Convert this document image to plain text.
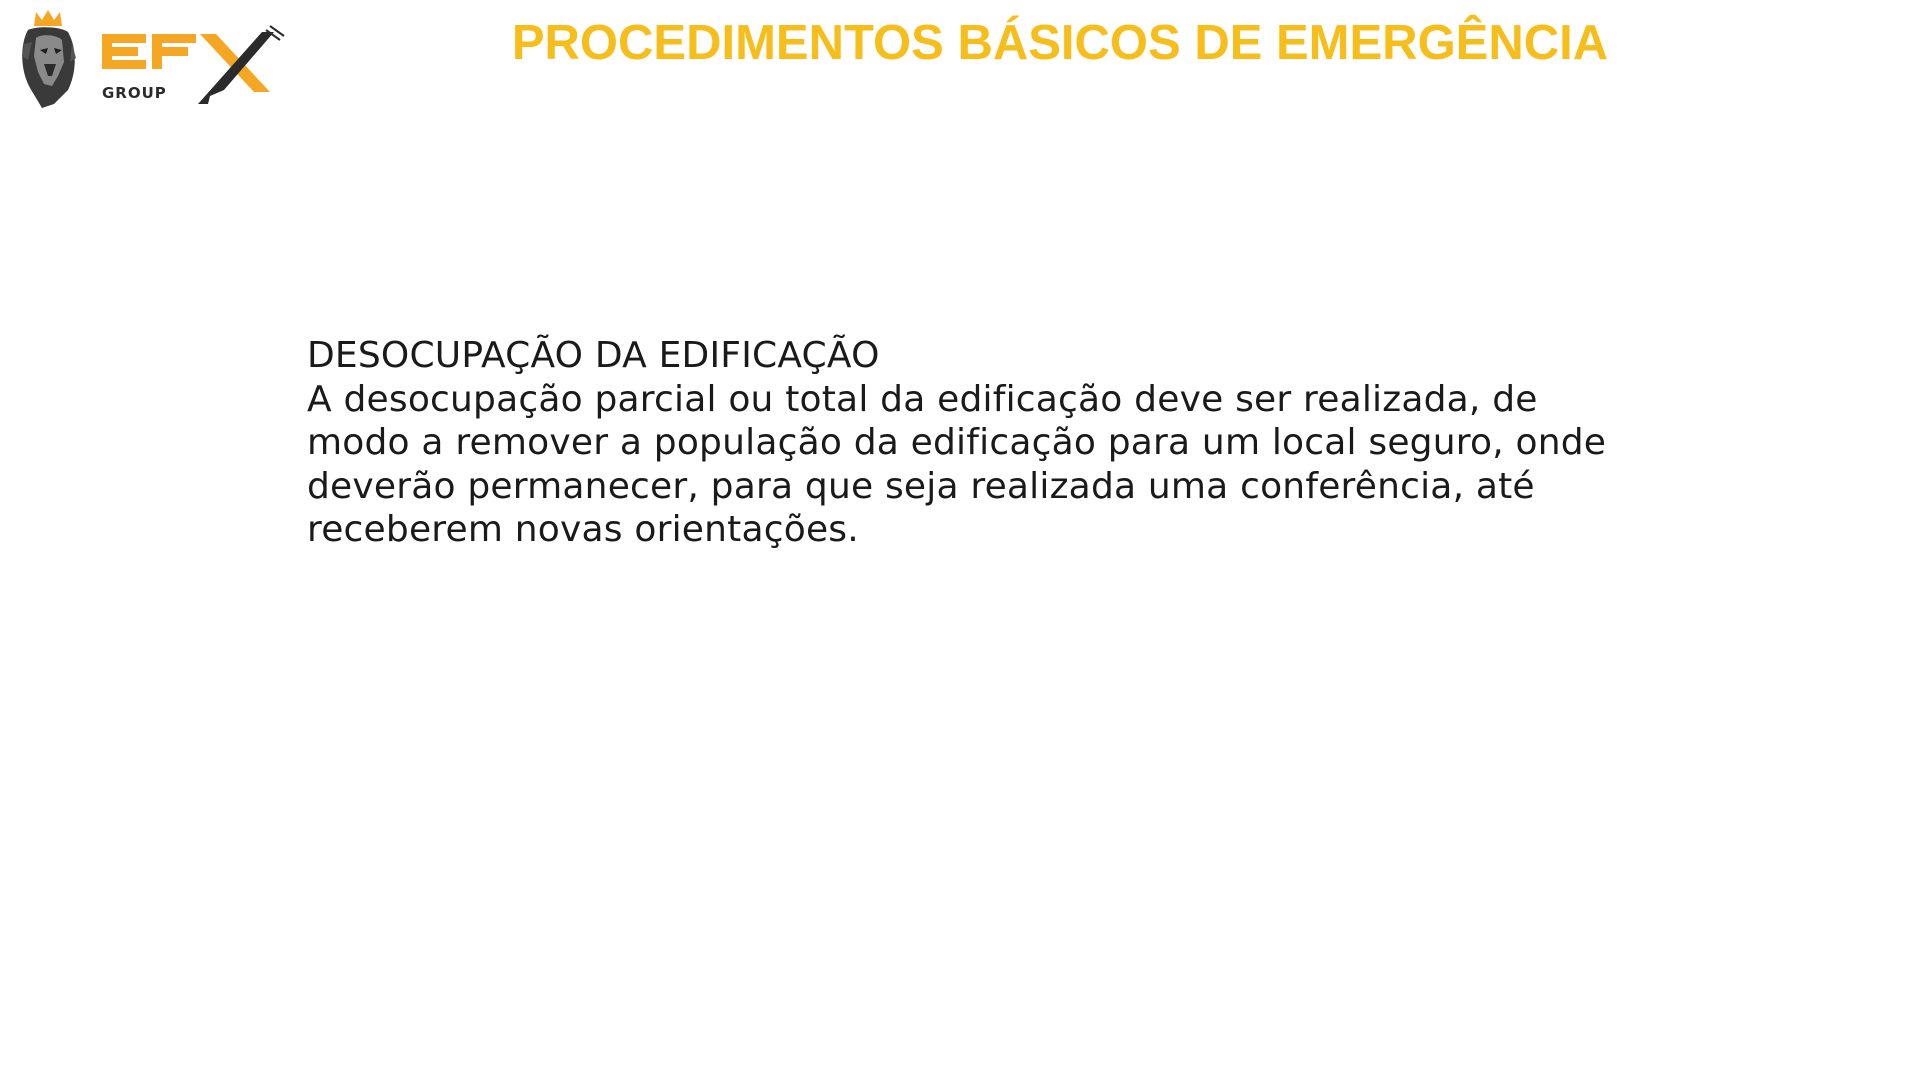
GROUP
PROCEDIMENTOS BÁSICOS DE EMERGÊNCIA
DESOCUPAÇÃO DA EDIFICAÇÃO
A desocupação parcial ou total da edificação deve ser realizada, de modo a remover a população da edificação para um local seguro, onde deverão permanecer, para que seja realizada uma conferência, até receberem novas orientações.
